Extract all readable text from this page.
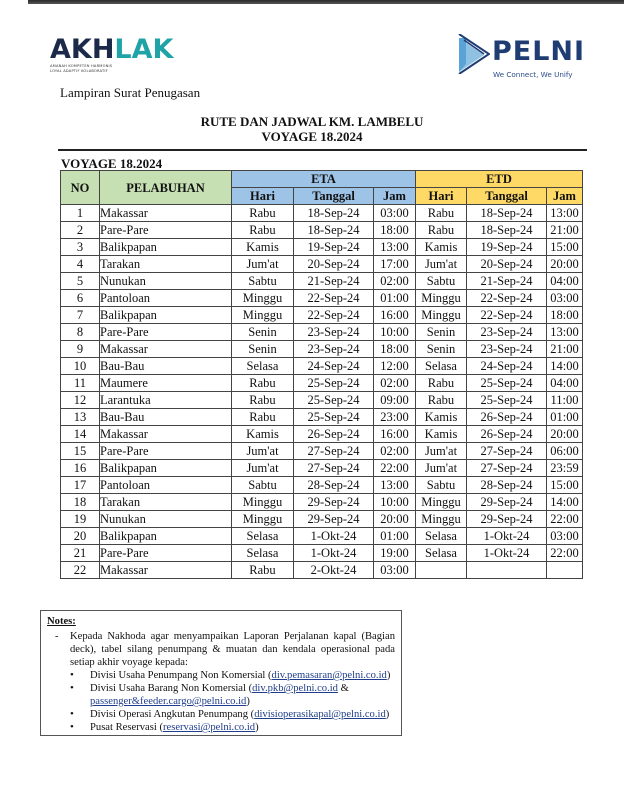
AKHLAK
AMANAH KOMPETEN HARMONIS
LOYAL ADAPTIF KOLABORATIF
PELNI
We Connect, We Unify
Lampiran Surat Penugasan
RUTE DAN JADWAL KM. LAMBELU
VOYAGE 18.2024
VOYAGE 18.2024
NO	PELABUHAN	ETA			ETD		
		Hari	Tanggal	Jam	Hari	Tanggal	Jam
1	Makassar	Rabu	18-Sep-24	03:00	Rabu	18-Sep-24	13:00
2	Pare-Pare	Rabu	18-Sep-24	18:00	Rabu	18-Sep-24	21:00
3	Balikpapan	Kamis	19-Sep-24	13:00	Kamis	19-Sep-24	15:00
4	Tarakan	Jum'at	20-Sep-24	17:00	Jum'at	20-Sep-24	20:00
5	Nunukan	Sabtu	21-Sep-24	02:00	Sabtu	21-Sep-24	04:00
6	Pantoloan	Minggu	22-Sep-24	01:00	Minggu	22-Sep-24	03:00
7	Balikpapan	Minggu	22-Sep-24	16:00	Minggu	22-Sep-24	18:00
8	Pare-Pare	Senin	23-Sep-24	10:00	Senin	23-Sep-24	13:00
9	Makassar	Senin	23-Sep-24	18:00	Senin	23-Sep-24	21:00
10	Bau-Bau	Selasa	24-Sep-24	12:00	Selasa	24-Sep-24	14:00
11	Maumere	Rabu	25-Sep-24	02:00	Rabu	25-Sep-24	04:00
12	Larantuka	Rabu	25-Sep-24	09:00	Rabu	25-Sep-24	11:00
13	Bau-Bau	Rabu	25-Sep-24	23:00	Kamis	26-Sep-24	01:00
14	Makassar	Kamis	26-Sep-24	16:00	Kamis	26-Sep-24	20:00
15	Pare-Pare	Jum'at	27-Sep-24	02:00	Jum'at	27-Sep-24	06:00
16	Balikpapan	Jum'at	27-Sep-24	22:00	Jum'at	27-Sep-24	23:59
17	Pantoloan	Sabtu	28-Sep-24	13:00	Sabtu	28-Sep-24	15:00
18	Tarakan	Minggu	29-Sep-24	10:00	Minggu	29-Sep-24	14:00
19	Nunukan	Minggu	29-Sep-24	20:00	Minggu	29-Sep-24	22:00
20	Balikpapan	Selasa	1-Okt-24	01:00	Selasa	1-Okt-24	03:00
21	Pare-Pare	Selasa	1-Okt-24	19:00	Selasa	1-Okt-24	22:00
22	Makassar	Rabu	2-Okt-24	03:00			
Notes:
- Kepada Nakhoda agar menyampaikan Laporan Perjalanan kapal (Bagian deck), tabel silang penumpang & muatan dan kendala operasional pada setiap akhir voyage kepada:
• Divisi Usaha Penumpang Non Komersial (div.pemasaran@pelni.co.id)
• Divisi Usaha Barang Non Komersial (div.pkb@pelni.co.id &
passenger&feeder.cargo@pelni.co.id)
• Divisi Operasi Angkutan Penumpang (divisioperasikapal@pelni.co.id)
• Pusat Reservasi (reservasi@pelni.co.id)
